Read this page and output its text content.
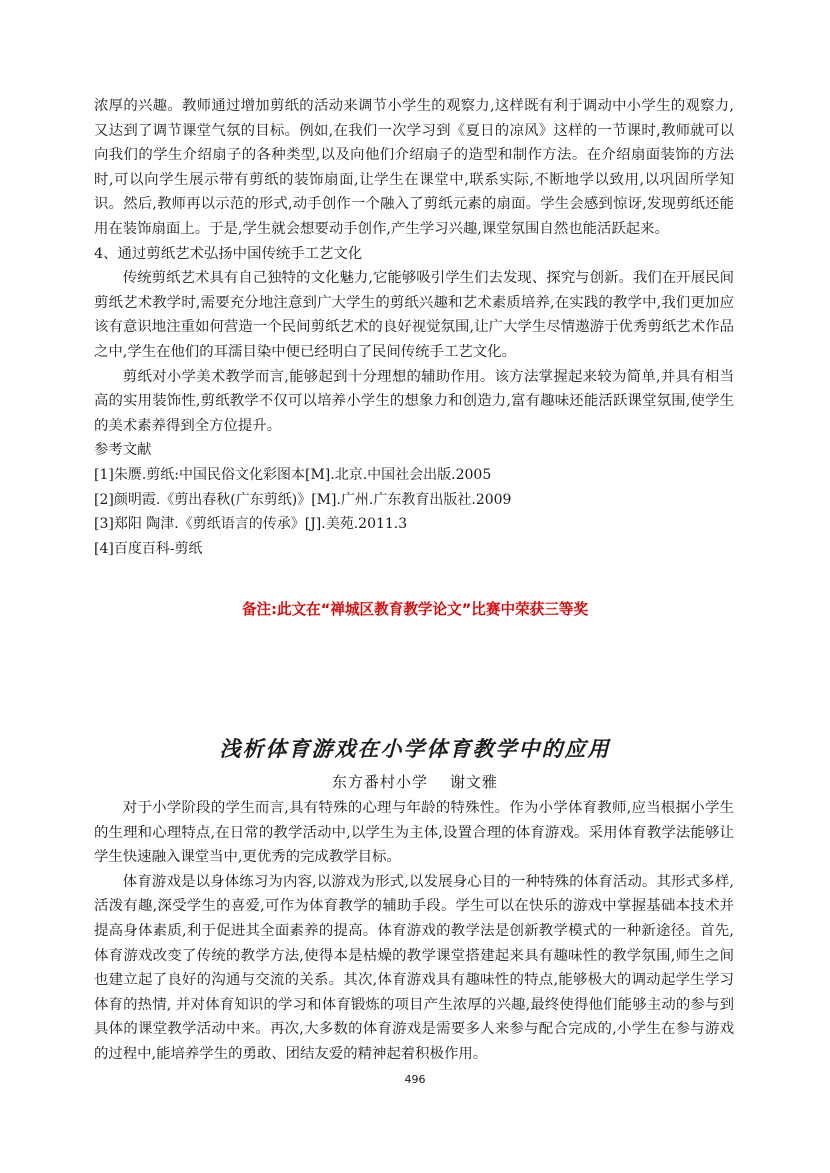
浓厚的兴趣。教师通过增加剪纸的活动来调节小学生的观察力,这样既有利于调动中小学生的观察力,又达到了调节课堂气氛的目标。例如,在我们一次学习到《夏日的凉风》这样的一节课时,教师就可以向我们的学生介绍扇子的各种类型,以及向他们介绍扇子的造型和制作方法。在介绍扇面装饰的方法时,可以向学生展示带有剪纸的装饰扇面,让学生在课堂中,联系实际,不断地学以致用,以巩固所学知识。然后,教师再以示范的形式,动手创作一个融入了剪纸元素的扇面。学生会感到惊讶,发现剪纸还能用在装饰扇面上。于是,学生就会想要动手创作,产生学习兴趣,课堂氛围自然也能活跃起来。

4、通过剪纸艺术弘扬中国传统手工艺文化

传统剪纸艺术具有自己独特的文化魅力,它能够吸引学生们去发现、探究与创新。我们在开展民间剪纸艺术教学时,需要充分地注意到广大学生的剪纸兴趣和艺术素质培养,在实践的教学中,我们更加应该有意识地注重如何营造一个民间剪纸艺术的良好视觉氛围,让广大学生尽情遨游于优秀剪纸艺术作品之中,学生在他们的耳濡目染中便已经明白了民间传统手工艺文化。

剪纸对小学美术教学而言,能够起到十分理想的辅助作用。该方法掌握起来较为简单,并具有相当高的实用装饰性,剪纸教学不仅可以培养小学生的想象力和创造力,富有趣味还能活跃课堂氛围,使学生的美术素养得到全方位提升。

参考文献

[1]朱赝.剪纸:中国民俗文化彩图本[M].北京.中国社会出版.2005

[2]颜明霞.《剪出春秋(广东剪纸)》[M].广州.广东教育出版社.2009

[3]郑阳 陶津.《剪纸语言的传承》[J].美苑.2011.3

[4]百度百科-剪纸

备注:此文在“禅城区教育教学论文”比赛中荣获三等奖
浅析体育游戏在小学体育教学中的应用
东方番村小学 谢文雅

对于小学阶段的学生而言,具有特殊的心理与年龄的特殊性。作为小学体育教师,应当根据小学生的生理和心理特点,在日常的教学活动中,以学生为主体,设置合理的体育游戏。采用体育教学法能够让学生快速融入课堂当中,更优秀的完成教学目标。

体育游戏是以身体练习为内容,以游戏为形式,以发展身心目的一种特殊的体育活动。其形式多样,活泼有趣,深受学生的喜爱,可作为体育教学的辅助手段。学生可以在快乐的游戏中掌握基础本技术并提高身体素质,利于促进其全面素养的提高。体育游戏的教学法是创新教学模式的一种新途径。首先,体育游戏改变了传统的教学方法,使得本是枯燥的教学课堂搭建起来具有趣味性的教学氛围,师生之间也建立起了良好的沟通与交流的关系。其次,体育游戏具有趣味性的特点,能够极大的调动起学生学习体育的热情, 并对体育知识的学习和体育锻炼的项目产生浓厚的兴趣,最终使得他们能够主动的参与到具体的课堂教学活动中来。再次,大多数的体育游戏是需要多人来参与配合完成的,小学生在参与游戏的过程中,能培养学生的勇敢、团结友爱的精神起着积极作用。

496
